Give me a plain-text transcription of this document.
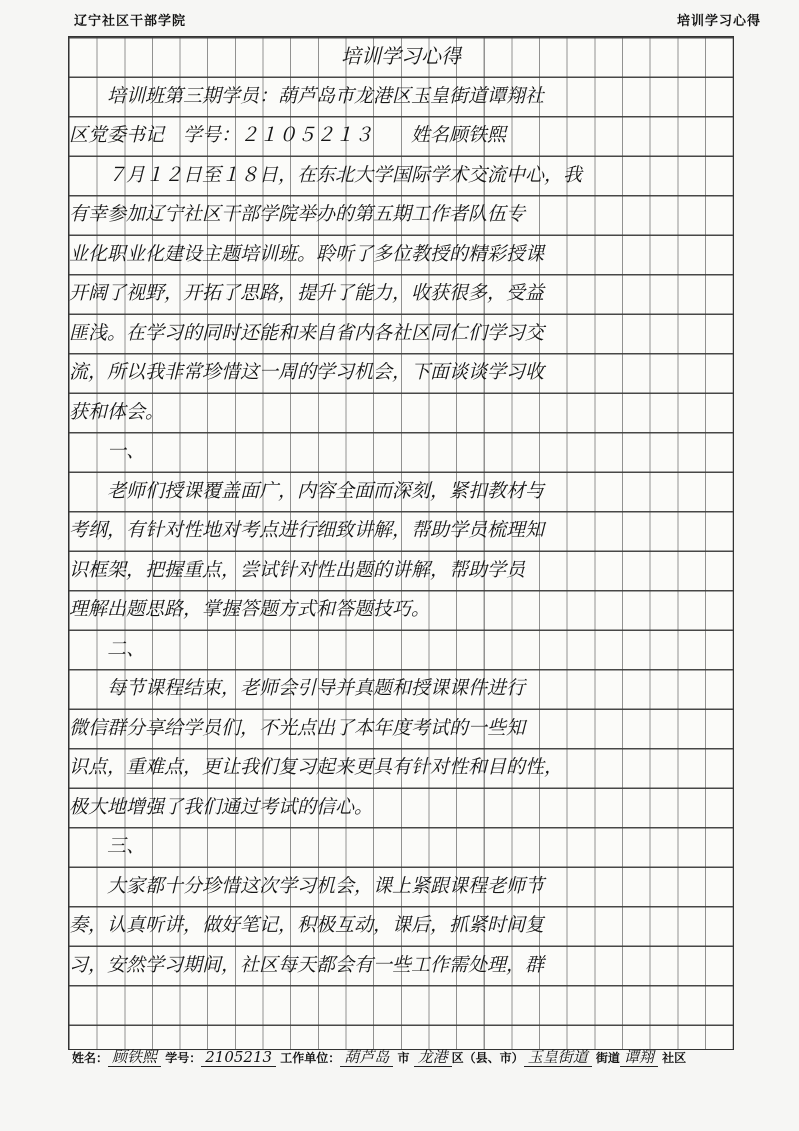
辽宁社区干部学院	培训学习心得
培训学习心得
　　培训班第三期学员：葫芦岛市龙港区玉皇街道谭翔社
区党委书记　学号：２１０５２１３　　姓名顾铁熙
　　７月１２日至１８日，在东北大学国际学术交流中心，我
有幸参加辽宁社区干部学院举办的第五期工作者队伍专
业化职业化建设主题培训班。聆听了多位教授的精彩授课
开阔了视野，开拓了思路，提升了能力，收获很多，受益
匪浅。在学习的同时还能和来自省内各社区同仁们学习交
流，所以我非常珍惜这一周的学习机会，下面谈谈学习收
获和体会。
　　一、
　　老师们授课覆盖面广，内容全面而深刻，紧扣教材与
考纲，有针对性地对考点进行细致讲解，帮助学员梳理知
识框架，把握重点，尝试针对性出题的讲解，帮助学员
理解出题思路，掌握答题方式和答题技巧。
　　二、
　　每节课程结束，老师会引导并真题和授课课件进行
微信群分享给学员们，不光点出了本年度考试的一些知
识点，重难点，更让我们复习起来更具有针对性和目的性，
极大地增强了我们通过考试的信心。
　　三、
　　大家都十分珍惜这次学习机会，课上紧跟课程老师节
奏，认真听讲，做好笔记，积极互动，课后，抓紧时间复
习，安然学习期间，社区每天都会有一些工作需处理，群
姓名： 顾铁熙 学号： 2105213 工作单位： 葫芦岛 市 龙港 区（县、市） 玉皇街道 街道 谭翔 社区
